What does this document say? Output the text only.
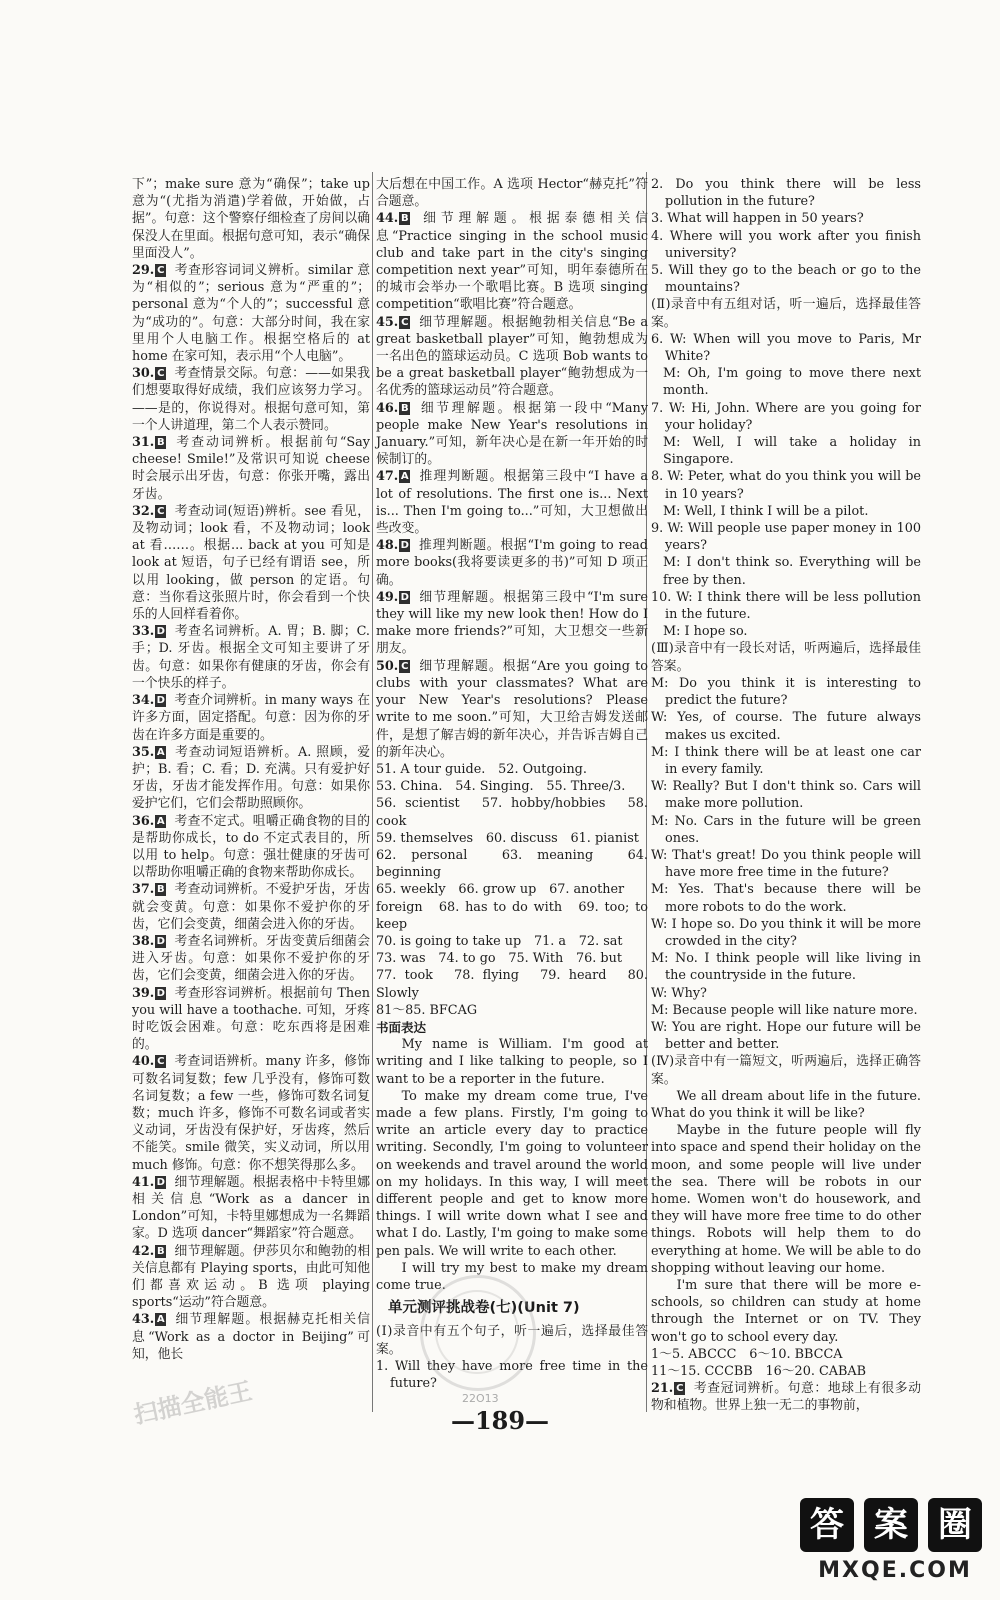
下”；make sure 意为“确保”；take up 意为“(尤指为消遣)学着做，开始做，占据”。句意：这个警察仔细检查了房间以确保没人在里面。根据句意可知，表示“确保里面没人”。

29. C 考查形容词词义辨析。similar 意为“相似的”；serious 意为“严重的”；personal 意为“个人的”；successful 意为“成功的”。句意：大部分时间，我在家里用个人电脑工作。根据空格后的 at home 在家可知，表示用“个人电脑”。

30. C 考查情景交际。句意：——如果我们想要取得好成绩，我们应该努力学习。——是的，你说得对。根据句意可知，第一个人讲道理，第二个人表示赞同。

31. B 考查动词辨析。根据前句“Say cheese! Smile!”及常识可知说 cheese 时会展示出牙齿，句意：你张开嘴，露出牙齿。

32. C 考查动词(短语)辨析。see 看见，及物动词；look 看，不及物动词；look at 看……。根据... back at you 可知是 look at 短语，句子已经有谓语 see，所以用 looking，做 person 的定语。句意：当你看这张照片时，你会看到一个快乐的人回样看着你。

33. D 考查名词辨析。A. 胃；B. 脚；C. 手；D. 牙齿。根据全文可知主要讲了牙齿。句意：如果你有健康的牙齿，你会有一个快乐的样子。

34. D 考查介词辨析。in many ways 在许多方面，固定搭配。句意：因为你的牙齿在许多方面是重要的。

35. A 考查动词短语辨析。A. 照顾，爱护；B. 看；C. 看；D. 充满。只有爱护好牙齿，牙齿才能发挥作用。句意：如果你爱护它们，它们会帮助照顾你。

36. A 考查不定式。咀嚼正确食物的目的是帮助你成长，to do 不定式表目的，所以用 to help。句意：强壮健康的牙齿可以帮助你咀嚼正确的食物来帮助你成长。

37. B 考查动词辨析。不爱护牙齿，牙齿就会变黄。句意：如果你不爱护你的牙齿，它们会变黄，细菌会进入你的牙齿。

38. D 考查名词辨析。牙齿变黄后细菌会进入牙齿。句意：如果你不爱护你的牙齿，它们会变黄，细菌会进入你的牙齿。

39. D 考查形容词辨析。根据前句 Then you will have a toothache. 可知，牙疼时吃饭会困难。句意：吃东西将是困难的。

40. C 考查词语辨析。many 许多，修饰可数名词复数；few 几乎没有，修饰可数名词复数；a few 一些，修饰可数名词复数；much 许多，修饰不可数名词或者实义动词，牙齿没有保护好，牙齿疼，然后不能笑。smile 微笑，实义动词，所以用 much 修饰。句意：你不想笑得那么多。

41. D 细节理解题。根据表格中卡特里娜相关信息“Work as a dancer in London”可知，卡特里娜想成为一名舞蹈家。D 选项 dancer“舞蹈家”符合题意。

42. B 细节理解题。伊莎贝尔和鲍勃的相关信息都有 Playing sports，由此可知他们都喜欢运动。B 选项 playing sports“运动”符合题意。

43. A 细节理解题。根据赫克托相关信息“Work as a doctor in Beijing”可知，他长

大后想在中国工作。A 选项 Hector“赫克托”符合题意。

44. B 细节理解题。根据泰德相关信息“Practice singing in the school music club and take part in the city's singing competition next year”可知，明年泰德所在的城市会举办一个歌唱比赛。B 选项 singing competition“歌唱比赛”符合题意。

45. C 细节理解题。根据鲍勃相关信息“Be a great basketball player”可知，鲍勃想成为一名出色的篮球运动员。C 选项 Bob wants to be a great basketball player“鲍勃想成为一名优秀的篮球运动员”符合题意。

46. B 细节理解题。根据第一段中“Many people make New Year's resolutions in January.”可知，新年决心是在新一年开始的时候制订的。

47. A 推理判断题。根据第三段中“I have a lot of resolutions. The first one is... Next is... Then I'm going to...”可知，大卫想做出些改变。

48. D 推理判断题。根据“I'm going to read more books(我将要读更多的书)”可知 D 项正确。

49. D 细节理解题。根据第三段中“I'm sure they will like my new look then! How do I make more friends?”可知，大卫想交一些新朋友。

50. C 细节理解题。根据“Are you going to clubs with your classmates? What are your New Year's resolutions? Please write to me soon.”可知，大卫给吉姆发送邮件，是想了解吉姆的新年决心，并告诉吉姆自己的新年决心。

51. A tour guide.　52. Outgoing.

53. China.　54. Singing.　55. Three/3.

56. scientist　57. hobby/hobbies　58. cook

59. themselves　60. discuss　61. pianist

62. personal　63. meaning　64. beginning

65. weekly　66. grow up　67. another

foreign　68. has to do with　69. too; to keep

70. is going to take up　71. a　72. sat

73. was　74. to go　75. With　76. but

77. took　78. flying　79. heard　80. Slowly

81～85. BFCAG

书面表达

My name is William. I'm good at writing and I like talking to people, so I want to be a reporter in the future.

To make my dream come true, I've made a few plans. Firstly, I'm going to write an article every day to practice writing. Secondly, I'm going to volunteer on weekends and travel around the world on my holidays. In this way, I will meet different people and get to know more things. I will write down what I see and what I do. Lastly, I'm going to make some pen pals. We will write to each other.

I will try my best to make my dream come true.

单元测评挑战卷(七)(Unit 7)

(Ⅰ)录音中有五个句子，听一遍后，选择最佳答案。

1. Will they have more free time in the future?

2. Do you think there will be less pollution in the future?

3. What will happen in 50 years?

4. Where will you work after you finish university?

5. Will they go to the beach or go to the mountains?

(Ⅱ)录音中有五组对话，听一遍后，选择最佳答案。

6. W: When will you move to Paris, Mr White?

M: Oh, I'm going to move there next month.

7. W: Hi, John. Where are you going for your holiday?

M: Well, I will take a holiday in Singapore.

8. W: Peter, what do you think you will be in 10 years?

M: Well, I think I will be a pilot.

9. W: Will people use paper money in 100 years?

M: I don't think so. Everything will be free by then.

10. W: I think there will be less pollution in the future.

M: I hope so.

(Ⅲ)录音中有一段长对话，听两遍后，选择最佳答案。

M: Do you think it is interesting to predict the future?

W: Yes, of course. The future always makes us excited.

M: I think there will be at least one car in every family.

W: Really? But I don't think so. Cars will make more pollution.

M: No. Cars in the future will be green ones.

W: That's great! Do you think people will have more free time in the future?

M: Yes. That's because there will be more robots to do the work.

W: I hope so. Do you think it will be more crowded in the city?

M: No. I think people will like living in the countryside in the future.

W: Why?

M: Because people will like nature more.

W: You are right. Hope our future will be better and better.

(Ⅳ)录音中有一篇短文，听两遍后，选择正确答案。

We all dream about life in the future. What do you think it will be like?

Maybe in the future people will fly into space and spend their holiday on the moon, and some people will live under the sea. There will be robots in our home. Women won't do housework, and they will have more free time to do other things. Robots will help them to do everything at home. We will be able to do shopping without leaving our home.

I'm sure that there will be more e-schools, so children can study at home through the Internet or on TV. They won't go to school every day.

1～5. ABCCC　6～10. BBCCA

11～15. CCCBB　16～20. CABAB

21. C 考查冠词辨析。句意：地球上有很多动物和植物。世界上独一无二的事物前，

22O13
—189—
扫描全能王
答 案 圈
MXQE.COM
